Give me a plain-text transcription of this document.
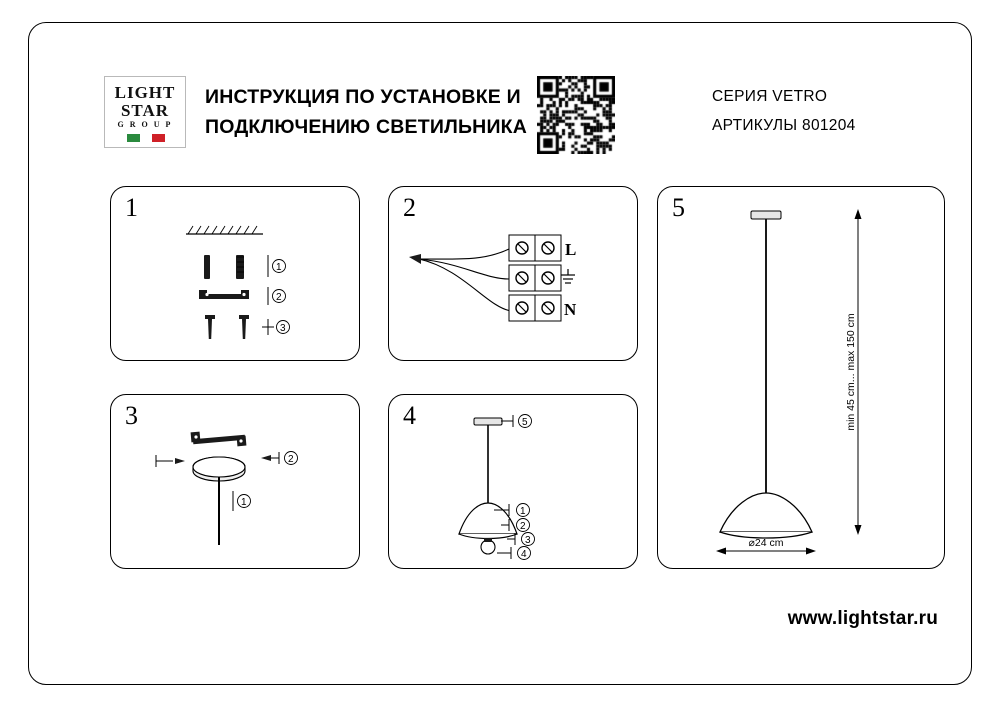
LIGHT
STAR
G R O U P
ИНСТРУКЦИЯ ПО УСТАНОВКЕ И
ПОДКЛЮЧЕНИЮ СВЕТИЛЬНИКА
СЕРИЯ VETRO
АРТИКУЛЫ 801204
1
1
2
3
2
L
N
3
1
2
4	5
1
2
3
4
5
min 45 cm... max 150 cm
⌀24 cm
www.lightstar.ru
